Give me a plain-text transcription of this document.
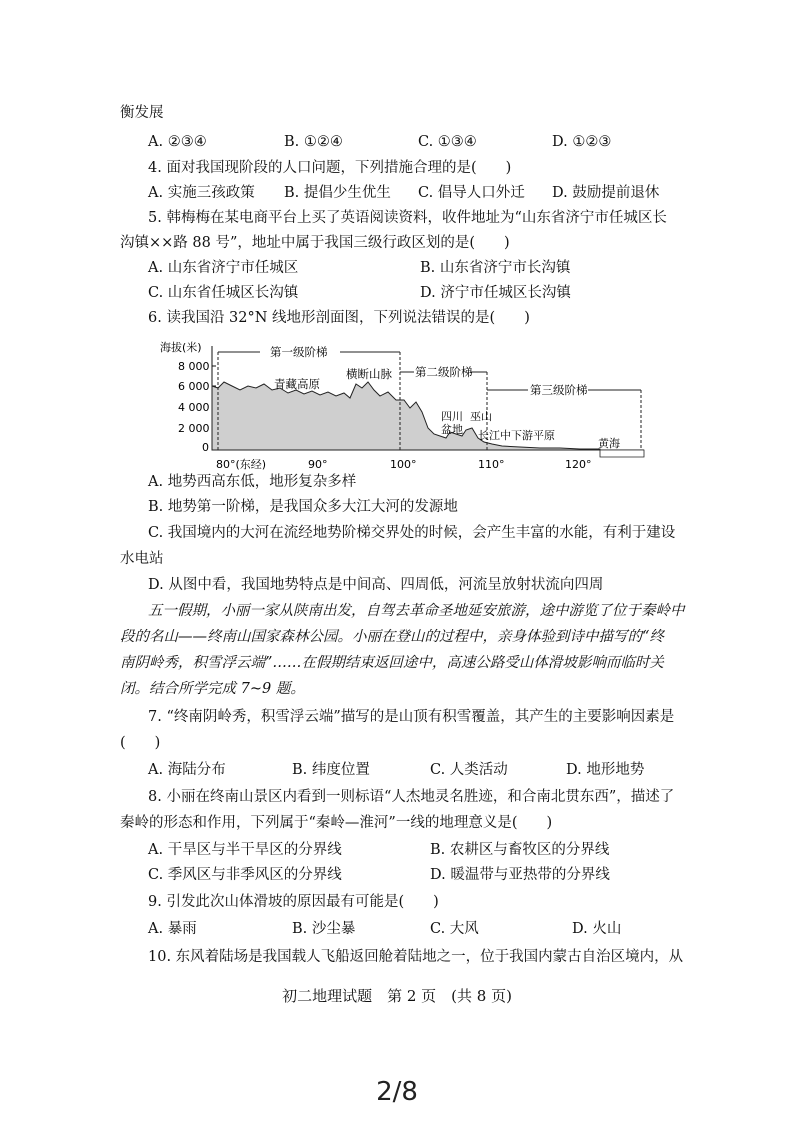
衡发展
A. ②③④	B. ①②④	C. ①③④	D. ①②③
4. 面对我国现阶段的人口问题，下列措施合理的是(　　)
A. 实施三孩政策 B. 提倡少生优生 C. 倡导人口外迁 D. 鼓励提前退休
5. 韩梅梅在某电商平台上买了英语阅读资料，收件地址为“山东省济宁市任城区长
沟镇××路 88 号”，地址中属于我国三级行政区划的是(　　)
A. 山东省济宁市任城区	B. 山东省济宁市长沟镇
C. 山东省任城区长沟镇	D. 济宁市任城区长沟镇
6. 读我国沿 32°N 线地形剖面图，下列说法错误的是(　　)
海拔(米)
8 000
6 000
4 000
2 000
0
第一级阶梯
第二级阶梯
第三级阶梯
青藏高原
横断山脉
四川
盆地
巫山
长江中下游平原
黄海
80°(东经)	90°	100°	110°	120°
A. 地势西高东低，地形复杂多样
B. 地势第一阶梯，是我国众多大江大河的发源地
C. 我国境内的大河在流经地势阶梯交界处的时候，会产生丰富的水能，有利于建设
水电站
D. 从图中看，我国地势特点是中间高、四周低，河流呈放射状流向四周
五一假期，小丽一家从陕南出发，自驾去革命圣地延安旅游，途中游览了位于秦岭中
段的名山——终南山国家森林公园。小丽在登山的过程中，亲身体验到诗中描写的“终
南阴岭秀，积雪浮云端”……在假期结束返回途中，高速公路受山体滑坡影响而临时关
闭。结合所学完成 7~9 题。
7. “终南阴岭秀，积雪浮云端”描写的是山顶有积雪覆盖，其产生的主要影响因素是
(　　)
A. 海陆分布	B. 纬度位置	C. 人类活动	D. 地形地势
8. 小丽在终南山景区内看到一则标语“人杰地灵名胜迹，和合南北贯东西”，描述了
秦岭的形态和作用，下列属于“秦岭—淮河”一线的地理意义是(　　)
A. 干旱区与半干旱区的分界线	B. 农耕区与畜牧区的分界线
C. 季风区与非季风区的分界线	D. 暖温带与亚热带的分界线
9. 引发此次山体滑坡的原因最有可能是(　　)
A. 暴雨	B. 沙尘暴	C. 大风	D. 火山
10. 东风着陆场是我国载人飞船返回舱着陆地之一，位于我国内蒙古自治区境内，从
初二地理试题　第 2 页　(共 8 页)
2/8
